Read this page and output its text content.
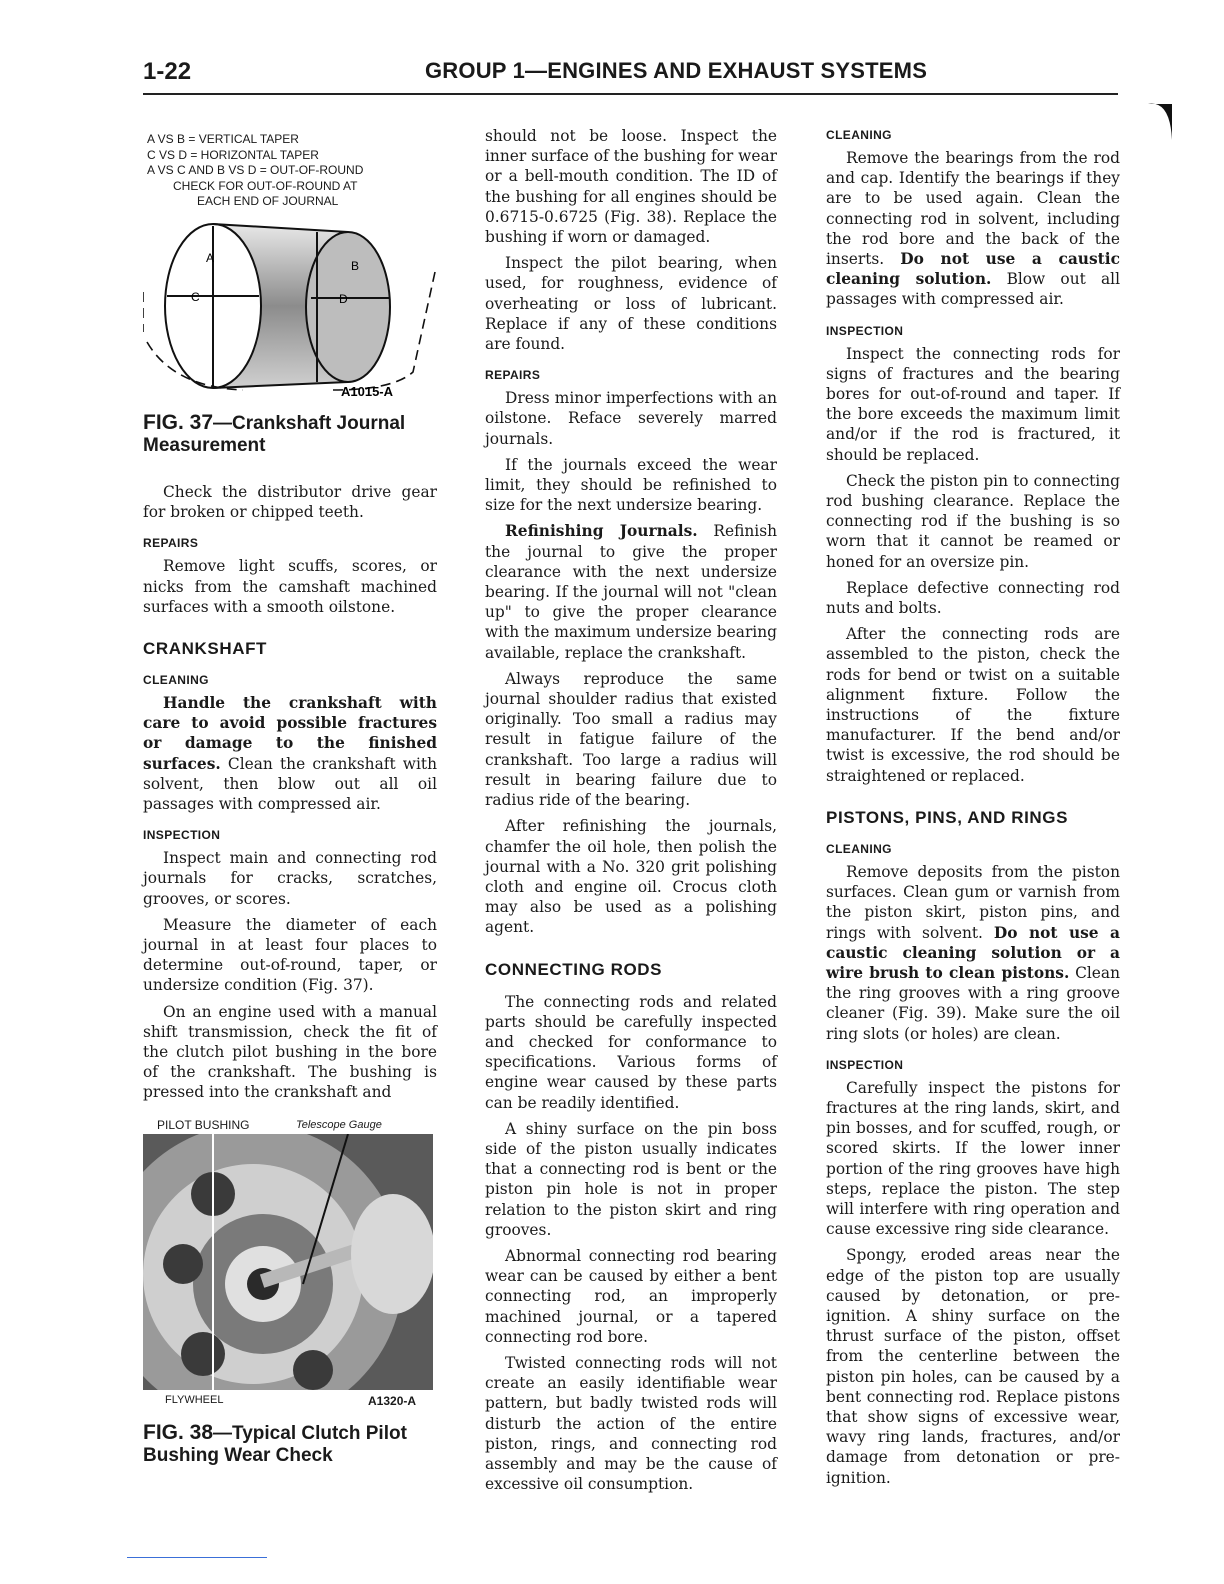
1-22	GROUP 1—ENGINES AND EXHAUST SYSTEMS
A VS B = VERTICAL TAPER
C VS D = HORIZONTAL TAPER
A VS C AND B VS D = OUT-OF-ROUND
CHECK FOR OUT-OF-ROUND AT
EACH END OF JOURNAL
A
B
C	D
A1015-A
FIG. 37—Crankshaft Journal Measurement

Check the distributor drive gear for broken or chipped teeth.

REPAIRS

Remove light scuffs, scores, or nicks from the camshaft machined surfaces with a smooth oilstone.

CRANKSHAFT
CLEANING

Handle the crankshaft with care to avoid possible fractures or damage to the finished surfaces. Clean the crankshaft with solvent, then blow out all oil passages with compressed air.

INSPECTION

Inspect main and connecting rod journals for cracks, scratches, grooves, or scores.

Measure the diameter of each journal in at least four places to determine out-of-round, taper, or undersize condition (Fig. 37).

On an engine used with a manual shift transmission, check the fit of the clutch pilot bushing in the bore of the crankshaft. The bushing is pressed into the crankshaft and

PILOT BUSHING	Telescope Gauge
FLYWHEEL	A1320-A
FIG. 38—Typical Clutch Pilot Bushing Wear Check

should not be loose. Inspect the inner surface of the bushing for wear or a bell-mouth condition. The ID of the bushing for all engines should be 0.6715-0.6725 (Fig. 38). Replace the bushing if worn or damaged.

Inspect the pilot bearing, when used, for roughness, evidence of overheating or loss of lubricant. Replace if any of these conditions are found.

REPAIRS

Dress minor imperfections with an oilstone. Reface severely marred journals.

If the journals exceed the wear limit, they should be refinished to size for the next undersize bearing.

Refinishing Journals. Refinish the journal to give the proper clearance with the next undersize bearing. If the journal will not "clean up" to give the proper clearance with the maximum undersize bearing available, replace the crankshaft.

Always reproduce the same journal shoulder radius that existed originally. Too small a radius may result in fatigue failure of the crankshaft. Too large a radius will result in bearing failure due to radius ride of the bearing.

After refinishing the journals, chamfer the oil hole, then polish the journal with a No. 320 grit polishing cloth and engine oil. Crocus cloth may also be used as a polishing agent.

CONNECTING RODS

The connecting rods and related parts should be carefully inspected and checked for conformance to specifications. Various forms of engine wear caused by these parts can be readily identified.

A shiny surface on the pin boss side of the piston usually indicates that a connecting rod is bent or the piston pin hole is not in proper relation to the piston skirt and ring grooves.

Abnormal connecting rod bearing wear can be caused by either a bent connecting rod, an improperly machined journal, or a tapered connecting rod bore.

Twisted connecting rods will not create an easily identifiable wear pattern, but badly twisted rods will disturb the action of the entire piston, rings, and connecting rod assembly and may be the cause of excessive oil consumption.

CLEANING

Remove the bearings from the rod and cap. Identify the bearings if they are to be used again. Clean the connecting rod in solvent, including the rod bore and the back of the inserts. Do not use a caustic cleaning solution. Blow out all passages with compressed air.

INSPECTION

Inspect the connecting rods for signs of fractures and the bearing bores for out-of-round and taper. If the bore exceeds the maximum limit and/or if the rod is fractured, it should be replaced.

Check the piston pin to connecting rod bushing clearance. Replace the connecting rod if the bushing is so worn that it cannot be reamed or honed for an oversize pin.

Replace defective connecting rod nuts and bolts.

After the connecting rods are assembled to the piston, check the rods for bend or twist on a suitable alignment fixture. Follow the instructions of the fixture manufacturer. If the bend and/or twist is excessive, the rod should be straightened or replaced.

PISTONS, PINS, AND RINGS
CLEANING

Remove deposits from the piston surfaces. Clean gum or varnish from the piston skirt, piston pins, and rings with solvent. Do not use a caustic cleaning solution or a wire brush to clean pistons. Clean the ring grooves with a ring groove cleaner (Fig. 39). Make sure the oil ring slots (or holes) are clean.

INSPECTION

Carefully inspect the pistons for fractures at the ring lands, skirt, and pin bosses, and for scuffed, rough, or scored skirts. If the lower inner portion of the ring grooves have high steps, replace the piston. The step will interfere with ring operation and cause excessive ring side clearance.

Spongy, eroded areas near the edge of the piston top are usually caused by detonation, or pre-ignition. A shiny surface on the thrust surface of the piston, offset from the centerline between the piston pin holes, can be caused by a bent connecting rod. Replace pistons that show signs of excessive wear, wavy ring lands, fractures, and/or damage from detonation or pre-ignition.
